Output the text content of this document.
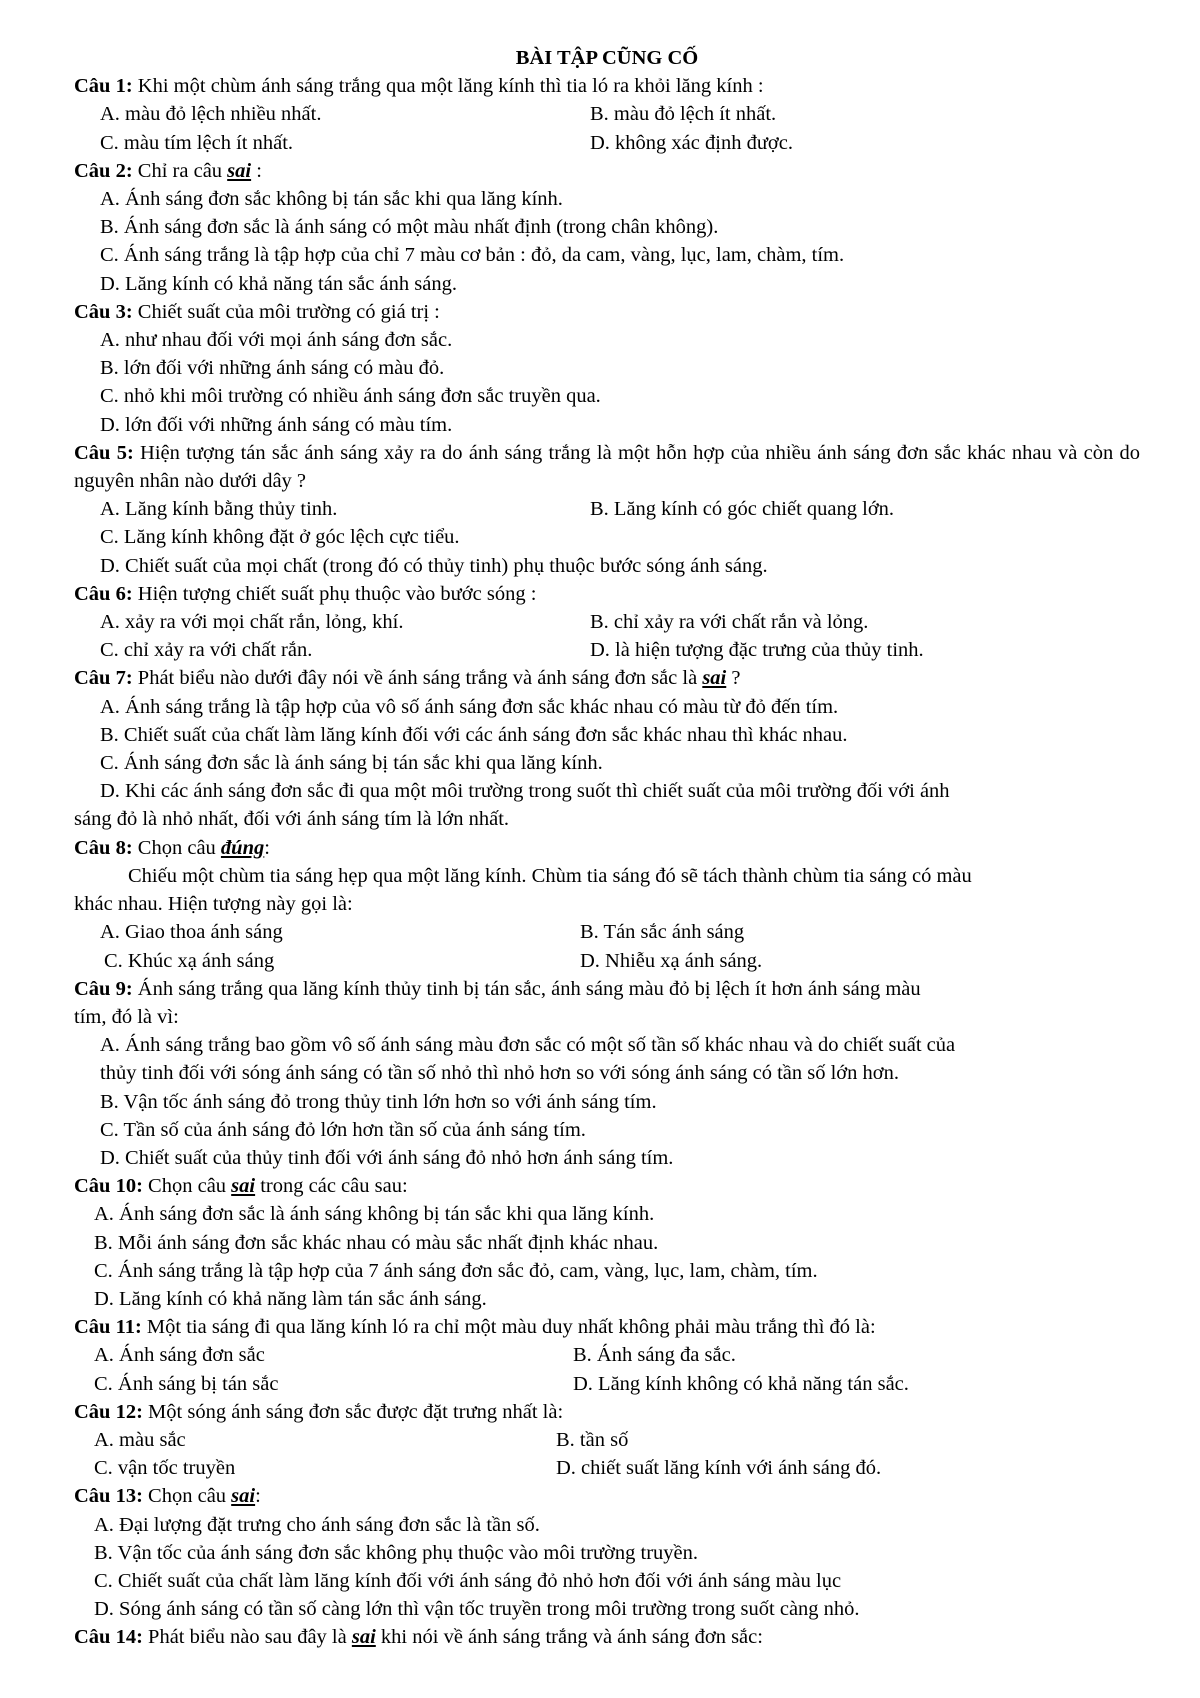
BÀI TẬP CŨNG CỐ
Câu 1: Khi một chùm ánh sáng trắng qua một lăng kính thì tia ló ra khỏi lăng kính :
A. màu đỏ lệch nhiều nhất.	B. màu đỏ lệch ít nhất.
C. màu tím lệch ít nhất.	D. không xác định được.
Câu 2: Chỉ ra câu sai :
A. Ánh sáng đơn sắc không bị tán sắc khi qua lăng kính.
B. Ánh sáng đơn sắc là ánh sáng có một màu nhất định (trong chân không).
C. Ánh sáng trắng là tập hợp của chỉ 7 màu cơ bản : đỏ, da cam, vàng, lục, lam, chàm, tím.
D. Lăng kính có khả năng tán sắc ánh sáng.
Câu 3: Chiết suất của môi trường có giá trị :
A. như nhau đối với mọi ánh sáng đơn sắc.
B. lớn đối với những ánh sáng có màu đỏ.
C. nhỏ khi môi trường có nhiều ánh sáng đơn sắc truyền qua.
D. lớn đối với những ánh sáng có màu tím.
Câu 5: Hiện tượng tán sắc ánh sáng xảy ra do ánh sáng trắng là một hỗn hợp của nhiều ánh sáng đơn sắc khác nhau và còn do nguyên nhân nào dưới dây ?
A. Lăng kính bằng thủy tinh.	B. Lăng kính có góc chiết quang lớn.
C. Lăng kính không đặt ở góc lệch cực tiểu.
D. Chiết suất của mọi chất (trong đó có thủy tinh) phụ thuộc bước sóng ánh sáng.
Câu 6: Hiện tượng chiết suất phụ thuộc vào bước sóng :
A. xảy ra với mọi chất rắn, lỏng, khí.	B. chỉ xảy ra với chất rắn và lỏng.
C. chỉ xảy ra với chất rắn.	D. là hiện tượng đặc trưng của thủy tinh.
Câu 7: Phát biểu nào dưới đây nói về ánh sáng trắng và ánh sáng đơn sắc là sai ?
A. Ánh sáng trắng là tập hợp của vô số ánh sáng đơn sắc khác nhau có màu từ đỏ đến tím.
B. Chiết suất của chất làm lăng kính đối với các ánh sáng đơn sắc khác nhau thì khác nhau.
C. Ánh sáng đơn sắc là ánh sáng bị tán sắc khi qua lăng kính.
D. Khi các ánh sáng đơn sắc đi qua một môi trường trong suốt thì chiết suất của môi trường đối với ánh
sáng đỏ là nhỏ nhất, đối với ánh sáng tím là lớn nhất.
Câu 8: Chọn câu đúng:
Chiếu một chùm tia sáng hẹp qua một lăng kính. Chùm tia sáng đó sẽ tách thành chùm tia sáng có màu
khác nhau. Hiện tượng này gọi là:
A. Giao thoa ánh sáng	B. Tán sắc ánh sáng
C. Khúc xạ ánh sáng	D. Nhiễu xạ ánh sáng.
Câu 9: Ánh sáng trắng qua lăng kính thủy tinh bị tán sắc, ánh sáng màu đỏ bị lệch ít hơn ánh sáng màu
tím, đó là vì:
A. Ánh sáng trắng bao gồm vô số ánh sáng màu đơn sắc có một số tần số khác nhau và do chiết suất của
thủy tinh đối với sóng ánh sáng có tần số nhỏ thì nhỏ hơn so với sóng ánh sáng có tần số lớn hơn.
B. Vận tốc ánh sáng đỏ trong thủy tinh lớn hơn so với ánh sáng tím.
C. Tần số của ánh sáng đỏ lớn hơn tần số của ánh sáng tím.
D. Chiết suất của thủy tinh đối với ánh sáng đỏ nhỏ hơn ánh sáng tím.
Câu 10: Chọn câu sai trong các câu sau:
A. Ánh sáng đơn sắc là ánh sáng không bị tán sắc khi qua lăng kính.
B. Mỗi ánh sáng đơn sắc khác nhau có màu sắc nhất định khác nhau.
C. Ánh sáng trắng là tập hợp của 7 ánh sáng đơn sắc đỏ, cam, vàng, lục, lam, chàm, tím.
D. Lăng kính có khả năng làm tán sắc ánh sáng.
Câu 11: Một tia sáng đi qua lăng kính ló ra chỉ một màu duy nhất không phải màu trắng thì đó là:
A. Ánh sáng đơn sắc	B. Ánh sáng đa sắc.
C. Ánh sáng bị tán sắc	D. Lăng kính không có khả năng tán sắc.
Câu 12: Một sóng ánh sáng đơn sắc được đặt trưng nhất là:
A. màu sắc	B. tần số
C. vận tốc truyền	D. chiết suất lăng kính với ánh sáng đó.
Câu 13: Chọn câu sai:
A. Đại lượng đặt trưng cho ánh sáng đơn sắc là tần số.
B. Vận tốc của ánh sáng đơn sắc không phụ thuộc vào môi trường truyền.
C. Chiết suất của chất làm lăng kính đối với ánh sáng đỏ nhỏ hơn đối với ánh sáng màu lục
D. Sóng ánh sáng có tần số càng lớn thì vận tốc truyền trong môi trường trong suốt càng nhỏ.
Câu 14: Phát biểu nào sau đây là sai khi nói về ánh sáng trắng và ánh sáng đơn sắc:
